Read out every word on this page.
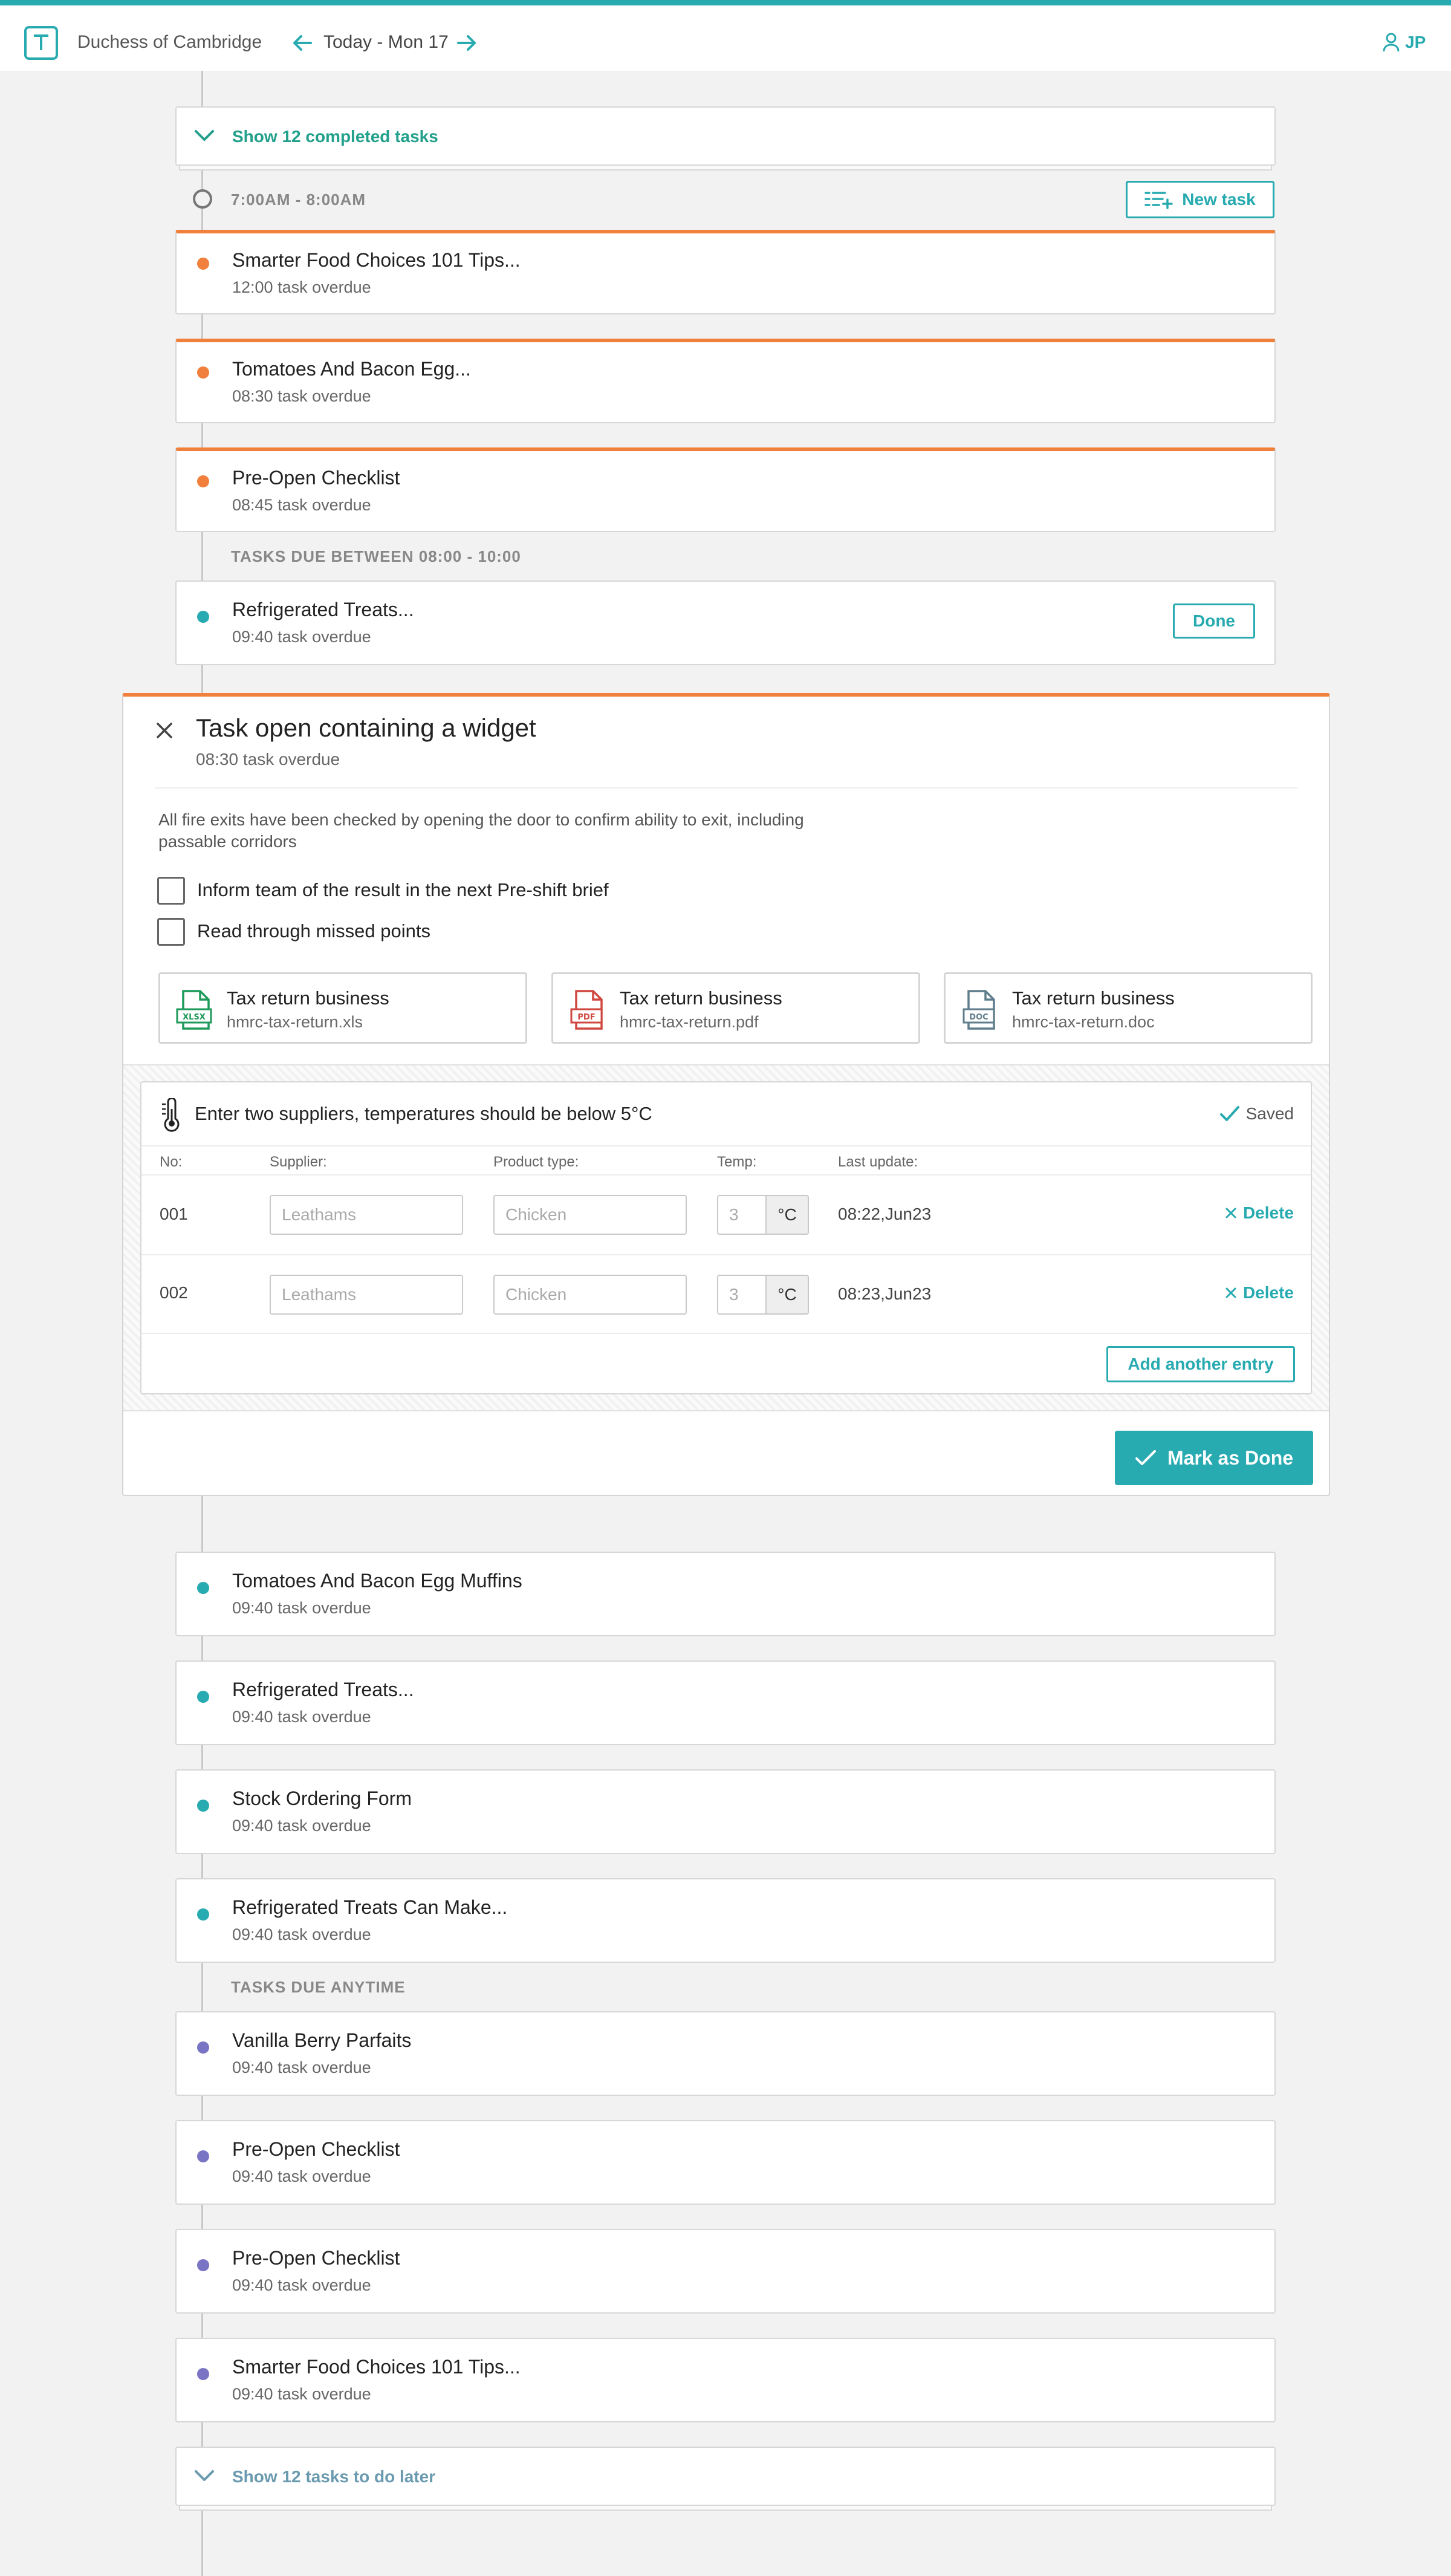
Duchess of Cambridge	Today - Mon 17	JP
Show 12 completed tasks
7:00AM - 8:00AM	New task
Smarter Food Choices 101 Tips...
12:00 task overdue
Tomatoes And Bacon Egg...
08:30 task overdue
Pre-Open Checklist
08:45 task overdue
TASKS DUE BETWEEN 08:00 - 10:00
Refrigerated Treats...
09:40 task overdue
Done
Task open containing a widget
08:30 task overdue
All fire exits have been checked by opening the door to confirm ability to exit, including passable corridors
Inform team of the result in the next Pre-shift brief
Read through missed points
XLSX
Tax return business
hmrc-tax-return.xls	PDF
Tax return business
hmrc-tax-return.pdf	DOC
Tax return business
hmrc-tax-return.doc
Enter two suppliers, temperatures should be below 5°C	Saved
No:	Supplier:	Product type:	Temp:	Last update:
001	Leathams	Chicken	3	°C	08:22,Jun23	Delete
002	Leathams	Chicken	3	°C	08:23,Jun23	Delete
Add another entry
Mark as Done
Tomatoes And Bacon Egg Muffins
09:40 task overdue
Refrigerated Treats...
09:40 task overdue
Stock Ordering Form
09:40 task overdue
Refrigerated Treats Can Make...
09:40 task overdue
TASKS DUE ANYTIME
Vanilla Berry Parfaits
09:40 task overdue
Pre-Open Checklist
09:40 task overdue
Pre-Open Checklist
09:40 task overdue
Smarter Food Choices 101 Tips...
09:40 task overdue
Show 12 tasks to do later
